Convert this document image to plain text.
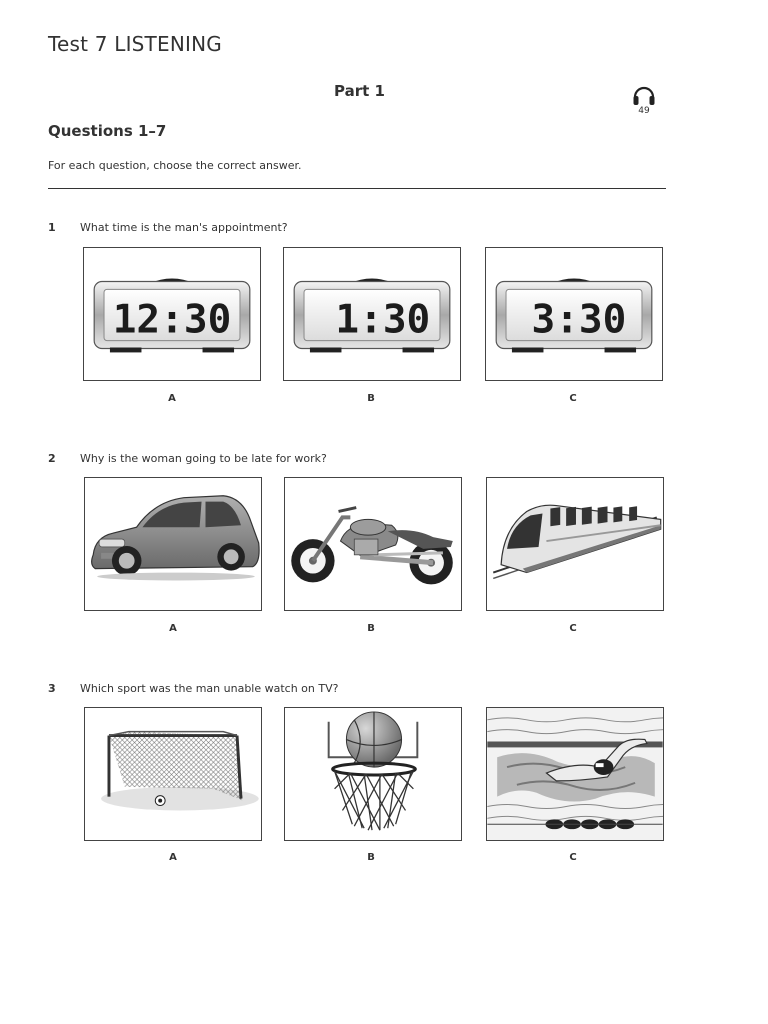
Test 7 LISTENING
Part 1
49
Questions 1–7
For each question, choose the correct answer.
1 What time is the man's appointment?
12:30
A
1:30
B
3:30
C
2 Why is the woman going to be late for work?
A	B	C
3 Which sport was the man unable watch on TV?
A	B	C
